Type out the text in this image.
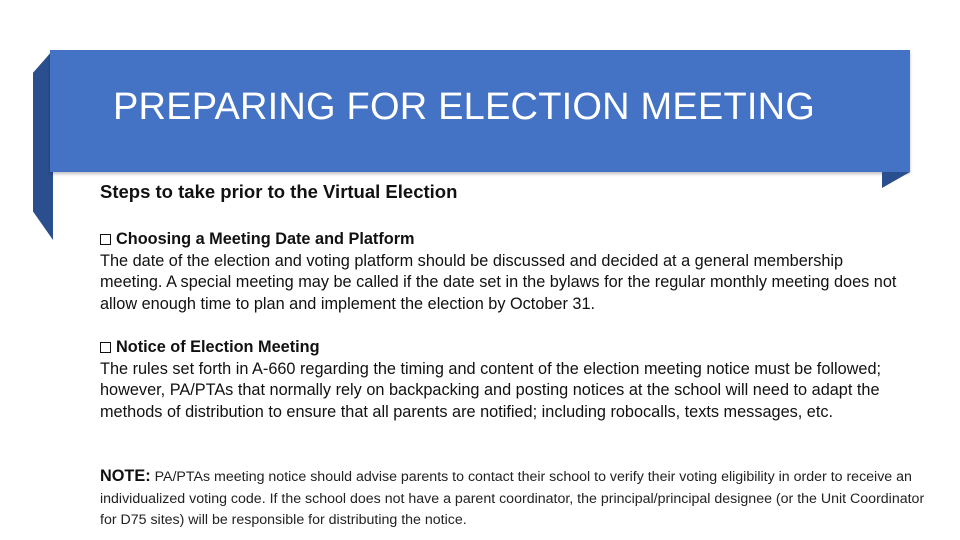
PREPARING FOR ELECTION MEETING
Steps to take prior to the Virtual Election
Choosing a Meeting Date and Platform
The date of the election and voting platform should be discussed and decided at a general membership meeting. A special meeting may be called if the date set in the bylaws for the regular monthly meeting does not allow enough time to plan and implement the election by October 31.
Notice of Election Meeting
The rules set forth in A-660 regarding the timing and content of the election meeting notice must be followed; however, PA/PTAs that normally rely on backpacking and posting notices at the school will need to adapt the methods of distribution to ensure that all parents are notified; including robocalls, texts messages, etc.
NOTE: PA/PTAs meeting notice should advise parents to contact their school to verify their voting eligibility in order to receive an individualized voting code. If the school does not have a parent coordinator, the principal/principal designee (or the Unit Coordinator for D75 sites) will be responsible for distributing the notice.
